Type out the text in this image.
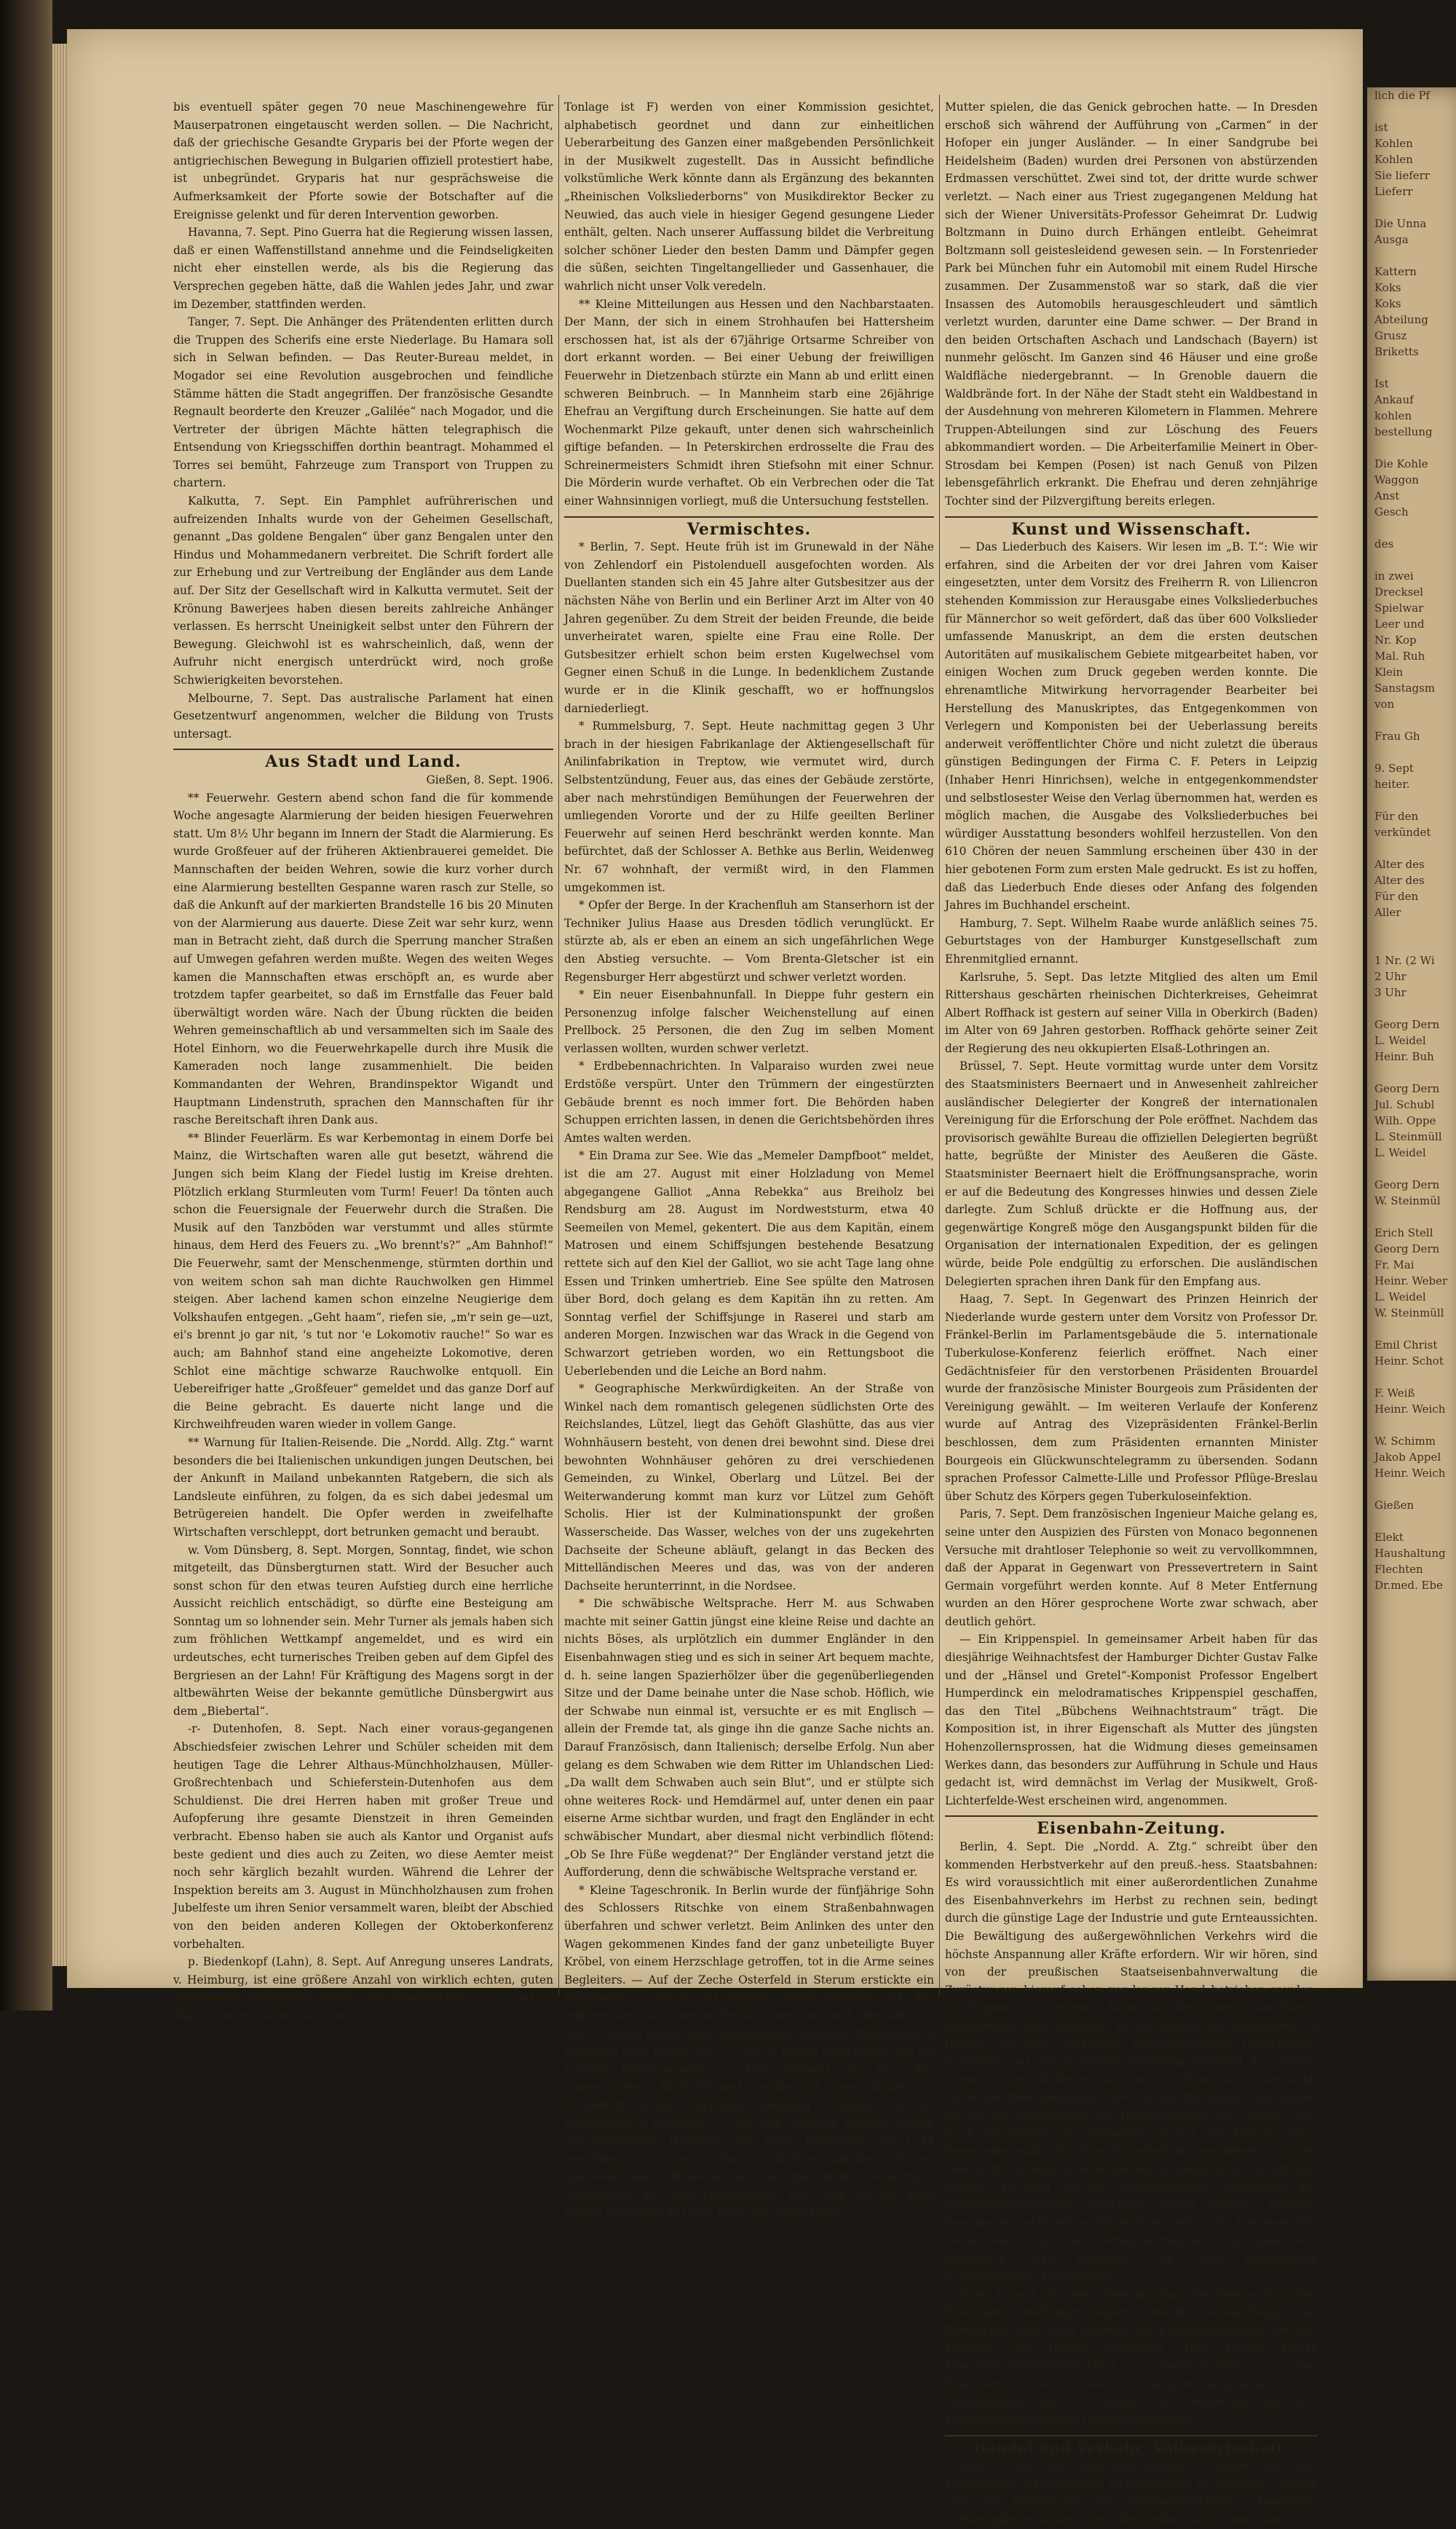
bis eventuell später gegen 70 neue Maschinengewehre für Mauserpatronen eingetauscht werden sollen. — Die Nachricht, daß der griechische Gesandte Gryparis bei der Pforte wegen der antigriechischen Bewegung in Bulgarien offiziell protestiert habe, ist unbegründet. Gryparis hat nur gesprächsweise die Aufmerksamkeit der Pforte sowie der Botschafter auf die Ereignisse gelenkt und für deren Intervention geworben.

Havanna, 7. Sept. Pino Guerra hat die Regierung wissen lassen, daß er einen Waffenstillstand annehme und die Feindseligkeiten nicht eher einstellen werde, als bis die Regierung das Versprechen gegeben hätte, daß die Wahlen jedes Jahr, und zwar im Dezember, stattfinden werden.

Tanger, 7. Sept. Die Anhänger des Prätendenten erlitten durch die Truppen des Scherifs eine erste Niederlage. Bu Hamara soll sich in Selwan befinden. — Das Reuter-Bureau meldet, in Mogador sei eine Revolution ausgebrochen und feindliche Stämme hätten die Stadt angegriffen. Der französische Gesandte Regnault beorderte den Kreuzer „Galilée“ nach Mogador, und die Vertreter der übrigen Mächte hätten telegraphisch die Entsendung von Kriegsschiffen dorthin beantragt. Mohammed el Torres sei bemüht, Fahrzeuge zum Transport von Truppen zu chartern.

Kalkutta, 7. Sept. Ein Pamphlet aufrührerischen und aufreizenden Inhalts wurde von der Geheimen Gesellschaft, genannt „Das goldene Bengalen“ über ganz Bengalen unter den Hindus und Mohammedanern verbreitet. Die Schrift fordert alle zur Erhebung und zur Vertreibung der Engländer aus dem Lande auf. Der Sitz der Gesellschaft wird in Kalkutta vermutet. Seit der Krönung Bawerjees haben diesen bereits zahlreiche Anhänger verlassen. Es herrscht Uneinigkeit selbst unter den Führern der Bewegung. Gleichwohl ist es wahrscheinlich, daß, wenn der Aufruhr nicht energisch unterdrückt wird, noch große Schwierigkeiten bevorstehen.

Melbourne, 7. Sept. Das australische Parlament hat einen Gesetzentwurf angenommen, welcher die Bildung von Trusts untersagt.

Aus Stadt und Land.

Gießen, 8. Sept. 1906.

** Feuerwehr. Gestern abend schon fand die für kommende Woche angesagte Alarmierung der beiden hiesigen Feuerwehren statt. Um 8½ Uhr begann im Innern der Stadt die Alarmierung. Es wurde Großfeuer auf der früheren Aktienbrauerei gemeldet. Die Mannschaften der beiden Wehren, sowie die kurz vorher durch eine Alarmierung bestellten Gespanne waren rasch zur Stelle, so daß die Ankunft auf der markierten Brandstelle 16 bis 20 Minuten von der Alarmierung aus dauerte. Diese Zeit war sehr kurz, wenn man in Betracht zieht, daß durch die Sperrung mancher Straßen auf Umwegen gefahren werden mußte. Wegen des weiten Weges kamen die Mannschaften etwas erschöpft an, es wurde aber trotzdem tapfer gearbeitet, so daß im Ernstfalle das Feuer bald überwältigt worden wäre. Nach der Übung rückten die beiden Wehren gemeinschaftlich ab und versammelten sich im Saale des Hotel Einhorn, wo die Feuerwehrkapelle durch ihre Musik die Kameraden noch lange zusammenhielt. Die beiden Kommandanten der Wehren, Brandinspektor Wigandt und Hauptmann Lindenstruth, sprachen den Mannschaften für ihr rasche Bereitschaft ihren Dank aus.

** Blinder Feuerlärm. Es war Kerbemontag in einem Dorfe bei Mainz, die Wirtschaften waren alle gut besetzt, während die Jungen sich beim Klang der Fiedel lustig im Kreise drehten. Plötzlich erklang Sturmleuten vom Turm! Feuer! Da tönten auch schon die Feuersignale der Feuerwehr durch die Straßen. Die Musik auf den Tanzböden war verstummt und alles stürmte hinaus, dem Herd des Feuers zu. „Wo brennt's?“ „Am Bahnhof!“ Die Feuerwehr, samt der Menschenmenge, stürmten dorthin und von weitem schon sah man dichte Rauchwolken gen Himmel steigen. Aber lachend kamen schon einzelne Neugierige dem Volkshaufen entgegen. „Geht haam“, riefen sie, „m'r sein ge—uzt, ei's brennt jo gar nit, 's tut nor 'e Lokomotiv rauche!“ So war es auch; am Bahnhof stand eine angeheizte Lokomotive, deren Schlot eine mächtige schwarze Rauchwolke entquoll. Ein Uebereifriger hatte „Großfeuer“ gemeldet und das ganze Dorf auf die Beine gebracht. Es dauerte nicht lange und die Kirchweihfreuden waren wieder in vollem Gange.

** Warnung für Italien-Reisende. Die „Nordd. Allg. Ztg.“ warnt besonders die bei Italienischen unkundigen jungen Deutschen, bei der Ankunft in Mailand unbekannten Ratgebern, die sich als Landsleute einführen, zu folgen, da es sich dabei jedesmal um Betrügereien handelt. Die Opfer werden in zweifelhafte Wirtschaften verschleppt, dort betrunken gemacht und beraubt.

w. Vom Dünsberg, 8. Sept. Morgen, Sonntag, findet, wie schon mitgeteilt, das Dünsbergturnen statt. Wird der Besucher auch sonst schon für den etwas teuren Aufstieg durch eine herrliche Aussicht reichlich entschädigt, so dürfte eine Besteigung am Sonntag um so lohnender sein. Mehr Turner als jemals haben sich zum fröhlichen Wettkampf angemeldet, und es wird ein urdeutsches, echt turnerisches Treiben geben auf dem Gipfel des Bergriesen an der Lahn! Für Kräftigung des Magens sorgt in der altbewährten Weise der bekannte gemütliche Dünsbergwirt aus dem „Biebertal“.

-r- Dutenhofen, 8. Sept. Nach einer voraus-gegangenen Abschiedsfeier zwischen Lehrer und Schüler scheiden mit dem heutigen Tage die Lehrer Althaus-Münchholzhausen, Müller-Großrechtenbach und Schieferstein-Dutenhofen aus dem Schuldienst. Die drei Herren haben mit großer Treue und Aufopferung ihre gesamte Dienstzeit in ihren Gemeinden verbracht. Ebenso haben sie auch als Kantor und Organist aufs beste gedient und dies auch zu Zeiten, wo diese Aemter meist noch sehr kärglich bezahlt wurden. Während die Lehrer der Inspektion bereits am 3. August in Münchholzhausen zum frohen Jubelfeste um ihren Senior versammelt waren, bleibt der Abschied von den beiden anderen Kollegen der Oktoberkonferenz vorbehalten.

p. Biedenkopf (Lahn), 8. Sept. Auf Anregung unseres Landrats, v. Heimburg, ist eine größere Anzahl von wirklich echten, guten Volksliedern gesammelt worden. Die gesammelten, in ¾- und ⅜-Takt notierten Lieder (höchste

Tonlage ist F) werden von einer Kommission gesichtet, alphabetisch geordnet und dann zur einheitlichen Ueberarbeitung des Ganzen einer maßgebenden Persönlichkeit in der Musikwelt zugestellt. Das in Aussicht befindliche volkstümliche Werk könnte dann als Ergänzung des bekannten „Rheinischen Volksliederborns“ von Musikdirektor Becker zu Neuwied, das auch viele in hiesiger Gegend gesungene Lieder enthält, gelten. Nach unserer Auffassung bildet die Verbreitung solcher schöner Lieder den besten Damm und Dämpfer gegen die süßen, seichten Tingeltangellieder und Gassenhauer, die wahrlich nicht unser Volk veredeln.

** Kleine Mitteilungen aus Hessen und den Nachbarstaaten. Der Mann, der sich in einem Strohhaufen bei Hattersheim erschossen hat, ist als der 67jährige Ortsarme Schreiber von dort erkannt worden. — Bei einer Uebung der freiwilligen Feuerwehr in Dietzenbach stürzte ein Mann ab und erlitt einen schweren Beinbruch. — In Mannheim starb eine 26jährige Ehefrau an Vergiftung durch Erscheinungen. Sie hatte auf dem Wochenmarkt Pilze gekauft, unter denen sich wahrscheinlich giftige befanden. — In Peterskirchen erdrosselte die Frau des Schreinermeisters Schmidt ihren Stiefsohn mit einer Schnur. Die Mörderin wurde verhaftet. Ob ein Verbrechen oder die Tat einer Wahnsinnigen vorliegt, muß die Untersuchung feststellen.

Vermischtes.

* Berlin, 7. Sept. Heute früh ist im Grunewald in der Nähe von Zehlendorf ein Pistolenduell ausgefochten worden. Als Duellanten standen sich ein 45 Jahre alter Gutsbesitzer aus der nächsten Nähe von Berlin und ein Berliner Arzt im Alter von 40 Jahren gegenüber. Zu dem Streit der beiden Freunde, die beide unverheiratet waren, spielte eine Frau eine Rolle. Der Gutsbesitzer erhielt schon beim ersten Kugelwechsel vom Gegner einen Schuß in die Lunge. In bedenklichem Zustande wurde er in die Klinik geschafft, wo er hoffnungslos darniederliegt.

* Rummelsburg, 7. Sept. Heute nachmittag gegen 3 Uhr brach in der hiesigen Fabrikanlage der Aktiengesellschaft für Anilinfabrikation in Treptow, wie vermutet wird, durch Selbstentzündung, Feuer aus, das eines der Gebäude zerstörte, aber nach mehrstündigen Bemühungen der Feuerwehren der umliegenden Vororte und der zu Hilfe geeilten Berliner Feuerwehr auf seinen Herd beschränkt werden konnte. Man befürchtet, daß der Schlosser A. Bethke aus Berlin, Weidenweg Nr. 67 wohnhaft, der vermißt wird, in den Flammen umgekommen ist.

* Opfer der Berge. In der Krachenfluh am Stanserhorn ist der Techniker Julius Haase aus Dresden tödlich verunglückt. Er stürzte ab, als er eben an einem an sich ungefährlichen Wege den Abstieg versuchte. — Vom Brenta-Gletscher ist ein Regensburger Herr abgestürzt und schwer verletzt worden.

* Ein neuer Eisenbahnunfall. In Dieppe fuhr gestern ein Personenzug infolge falscher Weichenstellung auf einen Prellbock. 25 Personen, die den Zug im selben Moment verlassen wollten, wurden schwer verletzt.

* Erdbebennachrichten. In Valparaiso wurden zwei neue Erdstöße verspürt. Unter den Trümmern der eingestürzten Gebäude brennt es noch immer fort. Die Behörden haben Schuppen errichten lassen, in denen die Gerichtsbehörden ihres Amtes walten werden.

* Ein Drama zur See. Wie das „Memeler Dampfboot“ meldet, ist die am 27. August mit einer Holzladung von Memel abgegangene Galliot „Anna Rebekka“ aus Breiholz bei Rendsburg am 28. August im Nordweststurm, etwa 40 Seemeilen von Memel, gekentert. Die aus dem Kapitän, einem Matrosen und einem Schiffsjungen bestehende Besatzung rettete sich auf den Kiel der Galliot, wo sie acht Tage lang ohne Essen und Trinken umhertrieb. Eine See spülte den Matrosen über Bord, doch gelang es dem Kapitän ihn zu retten. Am Sonntag verfiel der Schiffsjunge in Raserei und starb am anderen Morgen. Inzwischen war das Wrack in die Gegend von Schwarzort getrieben worden, wo ein Rettungsboot die Ueberlebenden und die Leiche an Bord nahm.

* Geographische Merkwürdigkeiten. An der Straße von Winkel nach dem romantisch gelegenen südlichsten Orte des Reichslandes, Lützel, liegt das Gehöft Glashütte, das aus vier Wohnhäusern besteht, von denen drei bewohnt sind. Diese drei bewohnten Wohnhäuser gehören zu drei verschiedenen Gemeinden, zu Winkel, Oberlarg und Lützel. Bei der Weiterwanderung kommt man kurz vor Lützel zum Gehöft Scholis. Hier ist der Kulminationspunkt der großen Wasserscheide. Das Wasser, welches von der uns zugekehrten Dachseite der Scheune abläuft, gelangt in das Becken des Mittelländischen Meeres und das, was von der anderen Dachseite herunterrinnt, in die Nordsee.

* Die schwäbische Weltsprache. Herr M. aus Schwaben machte mit seiner Gattin jüngst eine kleine Reise und dachte an nichts Böses, als urplötzlich ein dummer Engländer in den Eisenbahnwagen stieg und es sich in seiner Art bequem machte, d. h. seine langen Spazierhölzer über die gegenüberliegenden Sitze und der Dame beinahe unter die Nase schob. Höflich, wie der Schwabe nun einmal ist, versuchte er es mit Englisch — allein der Fremde tat, als ginge ihn die ganze Sache nichts an. Darauf Französisch, dann Italienisch; derselbe Erfolg. Nun aber gelang es dem Schwaben wie dem Ritter im Uhlandschen Lied: „Da wallt dem Schwaben auch sein Blut“, und er stülpte sich ohne weiteres Rock- und Hemdärmel auf, unter denen ein paar eiserne Arme sichtbar wurden, und fragt den Engländer in echt schwäbischer Mundart, aber diesmal nicht verbindlich flötend: „Ob Se Ihre Füße wegdenat?“ Der Engländer verstand jetzt die Aufforderung, denn die schwäbische Weltsprache verstand er.

* Kleine Tageschronik. In Berlin wurde der fünfjährige Sohn des Schlossers Ritschke von einem Straßenbahnwagen überfahren und schwer verletzt. Beim Anlinken des unter den Wagen gekommenen Kindes fand der ganz unbeteiligte Buyer Kröbel, von einem Herzschlage getroffen, tot in die Arme seines Begleiters. — Auf der Zeche Osterfeld in Sterum erstickte ein Bergmann an einem mit giftigen Gasen gefüllten Ort. Ein anderer, der nach seinem Verbleib forschte, fand ebenfalls den Tod. — Durch abstürzende Sandmassen wurden in Prilbernow in Pommern zwei Kinder von 3½ und 4 Jahren verschüttet und als Leichen hervorgezogen. — Frau Blomert, die Frau des hingerichteten Adolf Blömert, wurde mit ihrem Kinde aus Düsseldorf in das Zuchthaus Siegburg verbracht, wo sie lebenslänglich verbleibt. — Aus dem Altenaer Museum wurde ein Altenländer Handtuch mit einer Jahreszahl von 1744 gestohlen. — Zwischen Surburg und Walburg fuhr die Gattin des Spezereihändlers Reuterer aus Sulz mit ihrem zweijährigen Töchterchen aus dem Lauterburger Zug. Man sah das Kind nachts unverletzt auf dem Felde bei seiner toten

Mutter spielen, die das Genick gebrochen hatte. — In Dresden erschoß sich während der Aufführung von „Carmen“ in der Hofoper ein junger Ausländer. — In einer Sandgrube bei Heidelsheim (Baden) wurden drei Personen von abstürzenden Erdmassen verschüttet. Zwei sind tot, der dritte wurde schwer verletzt. — Nach einer aus Triest zugegangenen Meldung hat sich der Wiener Universitäts-Professor Geheimrat Dr. Ludwig Boltzmann in Duino durch Erhängen entleibt. Geheimrat Boltzmann soll geistesleidend gewesen sein. — In Forstenrieder Park bei München fuhr ein Automobil mit einem Rudel Hirsche zusammen. Der Zusammenstoß war so stark, daß die vier Insassen des Automobils herausgeschleudert und sämtlich verletzt wurden, darunter eine Dame schwer. — Der Brand in den beiden Ortschaften Aschach und Landschach (Bayern) ist nunmehr gelöscht. Im Ganzen sind 46 Häuser und eine große Waldfläche niedergebrannt. — In Grenoble dauern die Waldbrände fort. In der Nähe der Stadt steht ein Waldbestand in der Ausdehnung von mehreren Kilometern in Flammen. Mehrere Truppen-Abteilungen sind zur Löschung des Feuers abkommandiert worden. — Die Arbeiterfamilie Meinert in Ober-Strosdam bei Kempen (Posen) ist nach Genuß von Pilzen lebensgefährlich erkrankt. Die Ehefrau und deren zehnjährige Tochter sind der Pilzvergiftung bereits erlegen.

Kunst und Wissenschaft.

— Das Liederbuch des Kaisers. Wir lesen im „B. T.“: Wie wir erfahren, sind die Arbeiten der vor drei Jahren vom Kaiser eingesetzten, unter dem Vorsitz des Freiherrn R. von Liliencron stehenden Kommission zur Herausgabe eines Volksliederbuches für Männerchor so weit gefördert, daß das über 600 Volkslieder umfassende Manuskript, an dem die ersten deutschen Autoritäten auf musikalischem Gebiete mitgearbeitet haben, vor einigen Wochen zum Druck gegeben werden konnte. Die ehrenamtliche Mitwirkung hervorragender Bearbeiter bei Herstellung des Manuskriptes, das Entgegenkommen von Verlegern und Komponisten bei der Ueberlassung bereits anderweit veröffentlichter Chöre und nicht zuletzt die überaus günstigen Bedingungen der Firma C. F. Peters in Leipzig (Inhaber Henri Hinrichsen), welche in entgegenkommendster und selbstlosester Weise den Verlag übernommen hat, werden es möglich machen, die Ausgabe des Volksliederbuches bei würdiger Ausstattung besonders wohlfeil herzustellen. Von den 610 Chören der neuen Sammlung erscheinen über 430 in der hier gebotenen Form zum ersten Male gedruckt. Es ist zu hoffen, daß das Liederbuch Ende dieses oder Anfang des folgenden Jahres im Buchhandel erscheint.

Hamburg, 7. Sept. Wilhelm Raabe wurde anläßlich seines 75. Geburtstages von der Hamburger Kunstgesellschaft zum Ehrenmitglied ernannt.

Karlsruhe, 5. Sept. Das letzte Mitglied des alten um Emil Rittershaus geschärten rheinischen Dichterkreises, Geheimrat Albert Roffhack ist gestern auf seiner Villa in Oberkirch (Baden) im Alter von 69 Jahren gestorben. Roffhack gehörte seiner Zeit der Regierung des neu okkupierten Elsaß-Lothringen an.

Brüssel, 7. Sept. Heute vormittag wurde unter dem Vorsitz des Staatsministers Beernaert und in Anwesenheit zahlreicher ausländischer Delegierter der Kongreß der internationalen Vereinigung für die Erforschung der Pole eröffnet. Nachdem das provisorisch gewählte Bureau die offiziellen Delegierten begrüßt hatte, begrüßte der Minister des Aeußeren die Gäste. Staatsminister Beernaert hielt die Eröffnungsansprache, worin er auf die Bedeutung des Kongresses hinwies und dessen Ziele darlegte. Zum Schluß drückte er die Hoffnung aus, der gegenwärtige Kongreß möge den Ausgangspunkt bilden für die Organisation der internationalen Expedition, der es gelingen würde, beide Pole endgültig zu erforschen. Die ausländischen Delegierten sprachen ihren Dank für den Empfang aus.

Haag, 7. Sept. In Gegenwart des Prinzen Heinrich der Niederlande wurde gestern unter dem Vorsitz von Professor Dr. Fränkel-Berlin im Parlamentsgebäude die 5. internationale Tuberkulose-Konferenz feierlich eröffnet. Nach einer Gedächtnisfeier für den verstorbenen Präsidenten Brouardel wurde der französische Minister Bourgeois zum Präsidenten der Vereinigung gewählt. — Im weiteren Verlaufe der Konferenz wurde auf Antrag des Vizepräsidenten Fränkel-Berlin beschlossen, dem zum Präsidenten ernannten Minister Bourgeois ein Glückwunschtelegramm zu übersenden. Sodann sprachen Professor Calmette-Lille und Professor Pflüge-Breslau über Schutz des Körpers gegen Tuberkuloseinfektion.

Paris, 7. Sept. Dem französischen Ingenieur Maiche gelang es, seine unter den Auspizien des Fürsten von Monaco begonnenen Versuche mit drahtloser Telephonie so weit zu vervollkommnen, daß der Apparat in Gegenwart von Pressevertretern in Saint Germain vorgeführt werden konnte. Auf 8 Meter Entfernung wurden an den Hörer gesprochene Worte zwar schwach, aber deutlich gehört.

— Ein Krippenspiel. In gemeinsamer Arbeit haben für das diesjährige Weihnachtsfest der Hamburger Dichter Gustav Falke und der „Hänsel und Gretel“-Komponist Professor Engelbert Humperdinck ein melodramatisches Krippenspiel geschaffen, das den Titel „Bübchens Weihnachtstraum“ trägt. Die Komposition ist, in ihrer Eigenschaft als Mutter des jüngsten Hohenzollernsprossen, hat die Widmung dieses gemeinsamen Werkes dann, das besonders zur Aufführung in Schule und Haus gedacht ist, wird demnächst im Verlag der Musikwelt, Groß-Lichterfelde-West erscheinen wird, angenommen.

Eisenbahn-Zeitung.

Berlin, 4. Sept. Die „Nordd. A. Ztg.“ schreibt über den kommenden Herbstverkehr auf den preuß.-hess. Staatsbahnen: Es wird voraussichtlich mit einer außerordentlichen Zunahme des Eisenbahnverkehrs im Herbst zu rechnen sein, bedingt durch die günstige Lage der Industrie und gute Ernteaussichten. Die Bewältigung des außergewöhnlichen Verkehrs wird die höchste Anspannung aller Kräfte erfordern. Wir wir hören, sind von der preußischen Staatseisenbahnverwaltung die Zurüstungen hierauf schon vor langer Hand betrieben worden. Zu Beginn des Sommers hatte die Zentralstelle die Parole ausgegeben, ohne Rücksicht auf die Kosten alle Maßnahmen zu treffen, die eine vollzählige Wagengestellung sicherstellen. Außerdem hat die Eisenbahnverwaltung während des ganzen Sommers ihre Kohlenvorräte um ein Erhebliches verstärkt, sowie die Beschleunigung aller Bauausführungen angeordnet, die für die Bewältigung des Herbstverkehrs von Nutzen sind. Auch hinsichtlich des Personals ist bei der Bildung eines Reservepersonals für alles Erforderliche geschehen. Soll der Zweck, die Verkehrsschwierigkeiten zu bewältigen, voll erreicht werden, so wird auf die verständnisvolle Mitwirkung der Verkehrsinteressenten gerechnet werden müssen. Ruhiges, besonnenes, rechtzeitiges Disponieren seitens der Interessenten, sowie Beachtung aller Verkehrsaufnahmeanordnungen wird wesentlich dazu beitragen, die etwa eintretenden Schwierigkeiten zu beseitigen.

Wien, 4. Sept. Die Generalversammlung des Vereins deutscher Eisenbahnverwaltungen begann heute ihre Verhandlungen. Als Ehrengäste sind unter anderen der Eisenbahnminister und der Minister des Innern anwesend. Den Vorsitz führte Eisenbahndirektionspräsident Behrend-Berlin. Der Eisenbahnminister richtete eine längere Ansprache an die Versammlung, der er namens der Regierung und des Eisenbahnministeriums Grüße übermittelte.

Handel und Verkehr, Volkswirtschaft.

Köln, 6. Sept. Die „Kölnische Volksztg.“ schreibt: Nach den Ergebnissen der bisherigen Verhandlungen zu schließen, werden sich der Erneuerung des Stahlwerk-Verbandes besondere Schwierigkeiten kaum in den Weg stellen. Auch nimmt man an,

lich die Pf

ist

Kohlen

Kohlen

Sie lieferr

Lieferr

Die Unna

Ausga

Kattern

Koks

Koks

Abteilung

Grusz

Briketts

Ist

Ankauf

kohlen

bestellung

Die Kohle

Waggon

Anst

Gesch

des

in zwei

Drecksel

Spielwar

Leer und

Nr. Kop

Mal. Ruh

Klein

Sanstagsm

von

Frau Gh

9. Sept

heiter.

Für den

verkündet

Alter des

Alter des

Für den

Aller

1 Nr. (2 Wi

2 Uhr

3 Uhr

Georg Dern

L. Weidel

Heinr. Buh

Georg Dern

Jul. Schubl

Wilh. Oppe

L. Steinmüll

L. Weidel

Georg Dern

W. Steinmül

Erich Stell

Georg Dern

Fr. Mai

Heinr. Weber

L. Weidel

W. Steinmüll

Emil Christ

Heinr. Schot

F. Weiß

Heinr. Weich

W. Schimm

Jakob Appel

Heinr. Weich

Gießen

Elekt

Haushaltung

Flechten

Dr.med. Ebe
